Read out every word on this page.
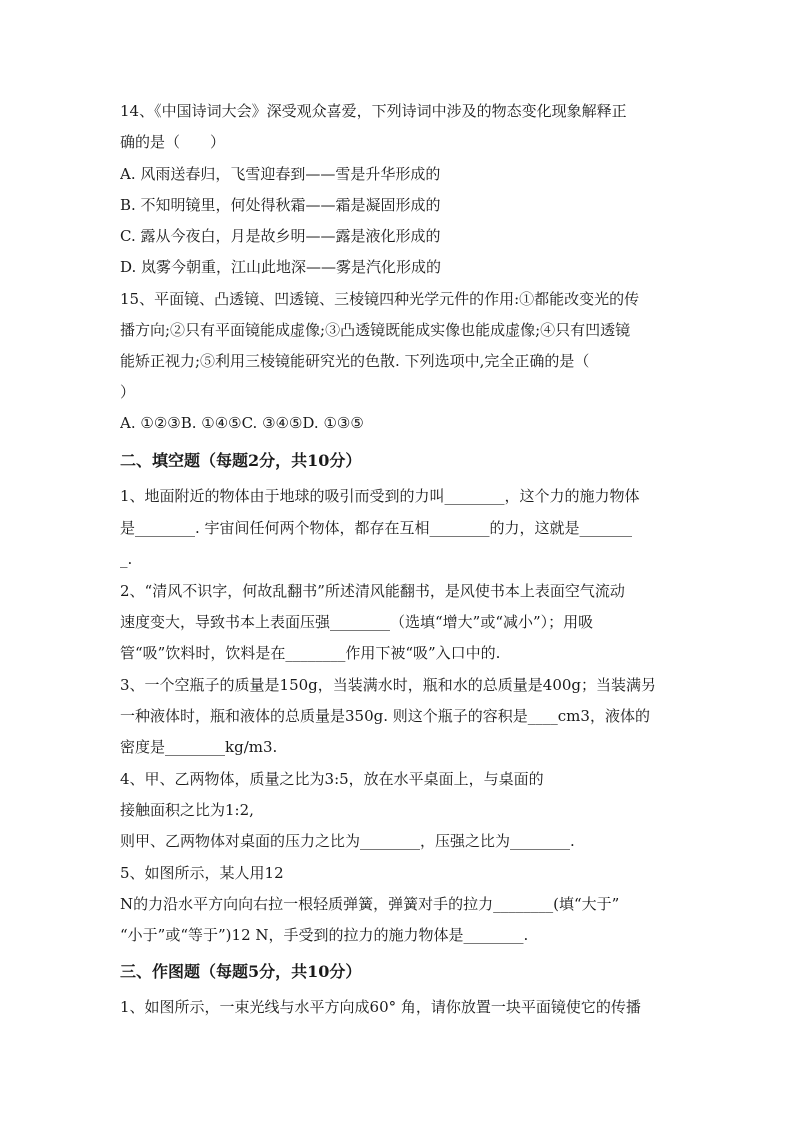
14、《中国诗词大会》深受观众喜爱，下列诗词中涉及的物态变化现象解释正
确的是（　　）
A. 风雨送春归，飞雪迎春到——雪是升华形成的
B. 不知明镜里，何处得秋霜——霜是凝固形成的
C. 露从今夜白，月是故乡明——露是液化形成的
D. 岚雾今朝重，江山此地深——雾是汽化形成的
15、平面镜、凸透镜、凹透镜、三棱镜四种光学元件的作用:①都能改变光的传
播方向;②只有平面镜能成虚像;③凸透镜既能成实像也能成虚像;④只有凹透镜
能矫正视力;⑤利用三棱镜能研究光的色散. 下列选项中,完全正确的是（
）
A. ①②③B. ①④⑤C. ③④⑤D. ①③⑤
二、填空题（每题2分，共10分）
1、地面附近的物体由于地球的吸引而受到的力叫________，这个力的施力物体
是________. 宇宙间任何两个物体，都存在互相________的力，这就是_______
_.
2、“清风不识字，何故乱翻书”所述清风能翻书，是风使书本上表面空气流动
速度变大，导致书本上表面压强________（选填“增大”或“减小”）；用吸
管“吸”饮料时，饮料是在________作用下被“吸”入口中的.
3、一个空瓶子的质量是150g，当装满水时，瓶和水的总质量是400g；当装满另
一种液体时，瓶和液体的总质量是350g. 则这个瓶子的容积是____cm3，液体的
密度是________kg/m3.
4、甲、乙两物体，质量之比为3:5，放在水平桌面上，与桌面的
接触面积之比为1:2,
则甲、乙两物体对桌面的压力之比为________，压强之比为________.
5、如图所示，某人用12
N的力沿水平方向向右拉一根轻质弹簧，弹簧对手的拉力________(填“大于”
“小于”或“等于”)12 N，手受到的拉力的施力物体是________.
三、作图题（每题5分，共10分）
1、如图所示，一束光线与水平方向成60° 角，请你放置一块平面镜使它的传播
